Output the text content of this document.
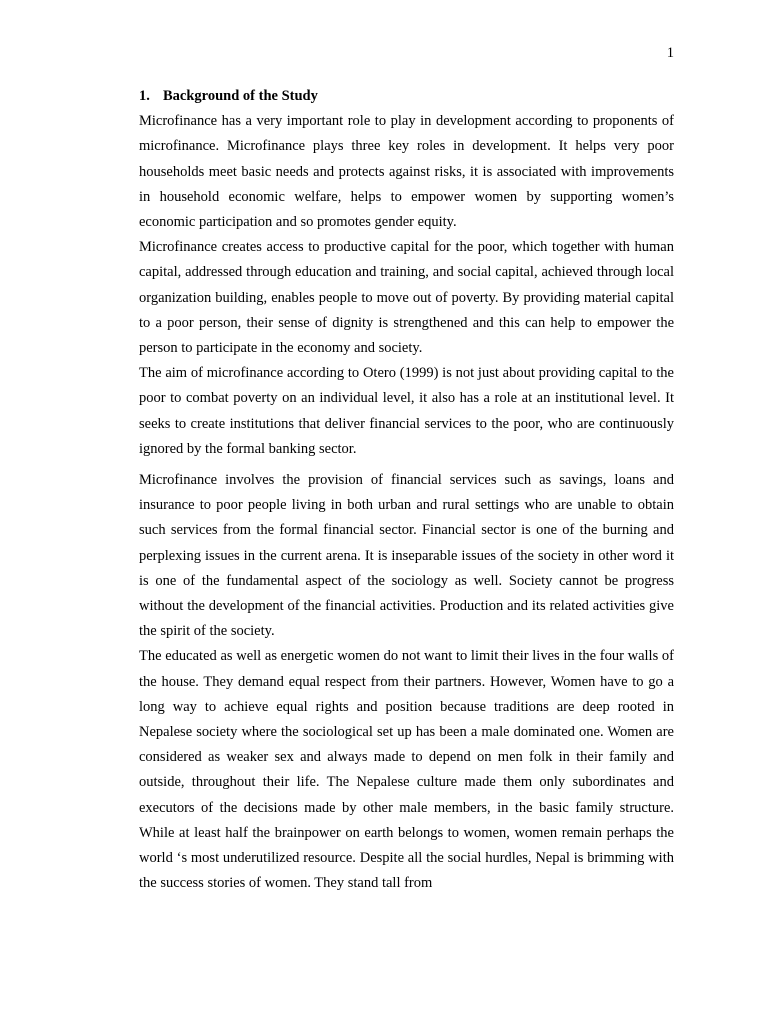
1

1. Background of the Study

Microfinance has a very important role to play in development according to proponents of microfinance. Microfinance plays three key roles in development. It helps very poor households meet basic needs and protects against risks, it is associated with improvements in household economic welfare, helps to empower women by supporting women’s economic participation and so promotes gender equity.

Microfinance creates access to productive capital for the poor, which together with human capital, addressed through education and training, and social capital, achieved through local organization building, enables people to move out of poverty. By providing material capital to a poor person, their sense of dignity is strengthened and this can help to empower the person to participate in the economy and society.

The aim of microfinance according to Otero (1999) is not just about providing capital to the poor to combat poverty on an individual level, it also has a role at an institutional level. It seeks to create institutions that deliver financial services to the poor, who are continuously ignored by the formal banking sector.

Microfinance involves the provision of financial services such as savings, loans and insurance to poor people living in both urban and rural settings who are unable to obtain such services from the formal financial sector. Financial sector is one of the burning and perplexing issues in the current arena. It is inseparable issues of the society in other word it is one of the fundamental aspect of the sociology as well. Society cannot be progress without the development of the financial activities. Production and its related activities give the spirit of the society.

The educated as well as energetic women do not want to limit their lives in the four walls of the house. They demand equal respect from their partners. However, Women have to go a long way to achieve equal rights and position because traditions are deep rooted in Nepalese society where the sociological set up has been a male dominated one. Women are considered as weaker sex and always made to depend on men folk in their family and outside, throughout their life. The Nepalese culture made them only subordinates and executors of the decisions made by other male members, in the basic family structure. While at least half the brainpower on earth belongs to women, women remain perhaps the world ‘s most underutilized resource. Despite all the social hurdles, Nepal is brimming with the success stories of women. They stand tall from
